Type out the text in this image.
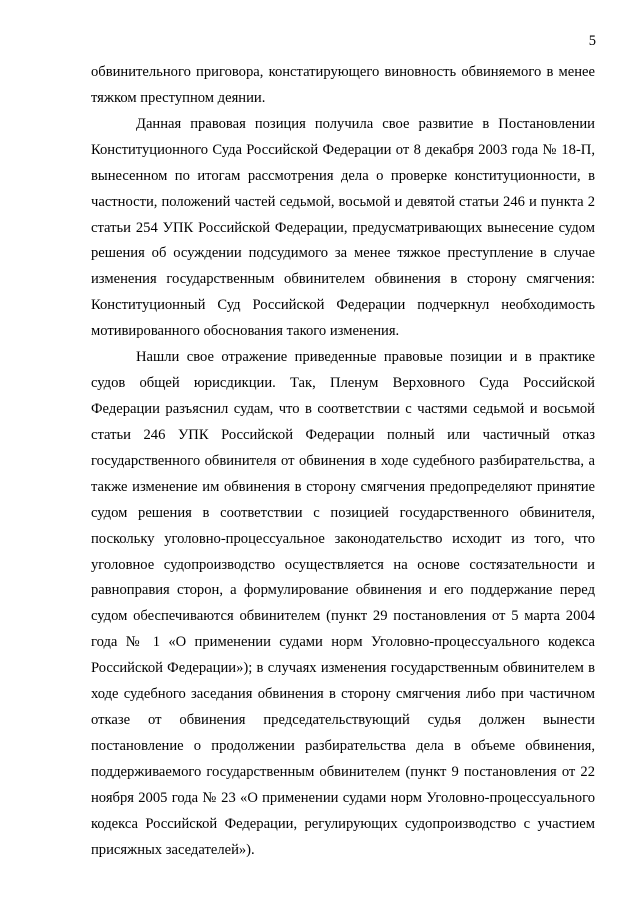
5
обвинительного приговора, констатирующего виновность обвиняемого в менее
тяжком преступном деянии.
Данная правовая позиция получила свое развитие в Постановлении
Конституционного Суда Российской Федерации от 8 декабря 2003 года № 18-П,
вынесенном по итогам рассмотрения дела о проверке конституционности, в
частности, положений частей седьмой, восьмой и девятой статьи 246 и пункта 2
статьи 254 УПК Российской Федерации, предусматривающих вынесение судом
решения об осуждении подсудимого за менее тяжкое преступление в случае
изменения государственным обвинителем обвинения в сторону смягчения:
Конституционный Суд Российской Федерации подчеркнул необходимость
мотивированного обоснования такого изменения.
Нашли свое отражение приведенные правовые позиции и в практике
судов общей юрисдикции. Так, Пленум Верховного Суда Российской
Федерации разъяснил судам, что в соответствии с частями седьмой и восьмой
статьи 246 УПК Российской Федерации полный или частичный отказ
государственного обвинителя от обвинения в ходе судебного разбирательства, а
также изменение им обвинения в сторону смягчения предопределяют принятие
судом решения в соответствии с позицией государственного обвинителя,
поскольку уголовно-процессуальное законодательство исходит из того, что
уголовное судопроизводство осуществляется на основе состязательности и
равноправия сторон, а формулирование обвинения и его поддержание перед
судом обеспечиваются обвинителем (пункт 29 постановления от 5 марта 2004
года № 1 «О применении судами норм Уголовно-процессуального кодекса
Российской Федерации»); в случаях изменения государственным обвинителем в
ходе судебного заседания обвинения в сторону смягчения либо при частичном
отказе от обвинения председательствующий судья должен вынести
постановление о продолжении разбирательства дела в объеме обвинения,
поддерживаемого государственным обвинителем (пункт 9 постановления от 22
ноября 2005 года № 23 «О применении судами норм Уголовно-процессуального
кодекса Российской Федерации, регулирующих судопроизводство с участием
присяжных заседателей»).
